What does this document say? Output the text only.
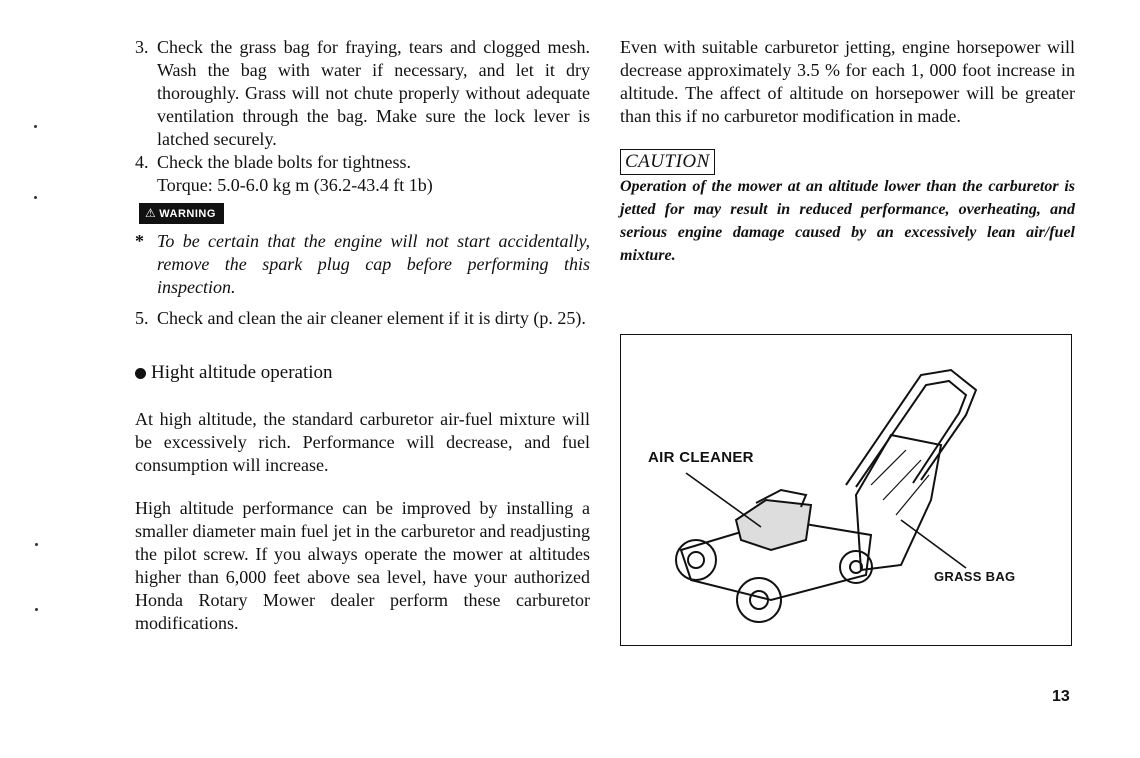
3. Check the grass bag for fraying, tears and clogged mesh. Wash the bag with water if necessary, and let it dry thoroughly. Grass will not chute properly without adequate ventilation through the bag. Make sure the lock lever is latched securely.

4. Check the blade bolts for tightness.

Torque: 5.0-6.0 kg m (36.2-43.4 ft 1b)

⚠ WARNING

* To be certain that the engine will not start accidentally, remove the spark plug cap before performing this inspection.

5. Check and clean the air cleaner element if it is dirty (p. 25).

Hight altitude operation

At high altitude, the standard carburetor air-fuel mixture will be excessively rich. Performance will decrease, and fuel consumption will increase.

High altitude performance can be improved by installing a smaller diameter main fuel jet in the carburetor and readjusting the pilot screw. If you always operate the mower at altitudes higher than 6,000 feet above sea level, have your authorized Honda Rotary Mower dealer perform these carburetor modifications.

Even with suitable carburetor jetting, engine horsepower will decrease approximately 3.5 % for each 1, 000 foot increase in altitude. The affect of altitude on horsepower will be greater than this if no carburetor modification in made.

CAUTION

Operation of the mower at an altitude lower than the carburetor is jetted for may result in reduced performance, overheating, and serious engine damage caused by an excessively lean air/fuel mixture.

AIR CLEANER
GRASS BAG
13
